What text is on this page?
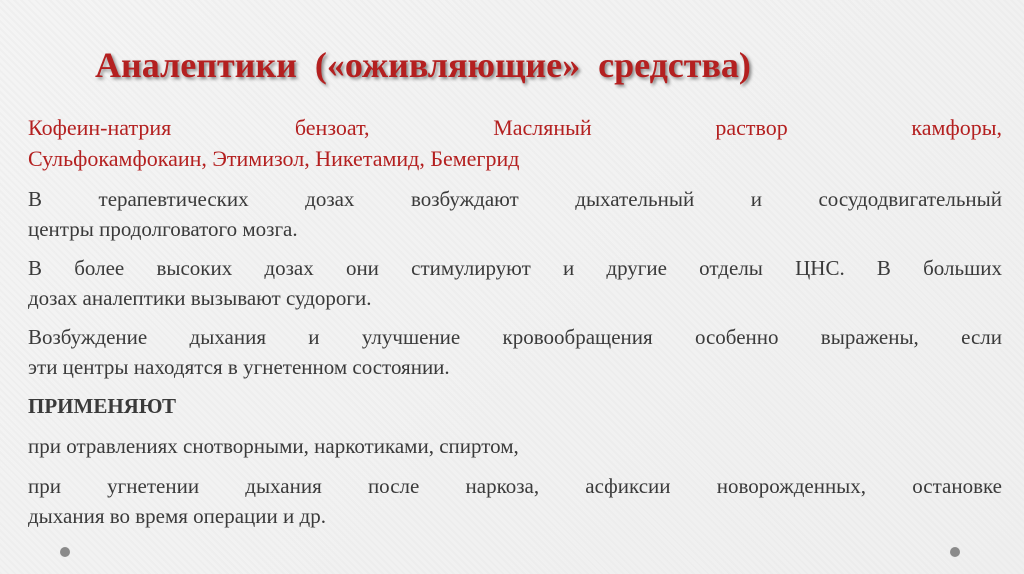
Аналептики  («оживляющие»  средства)
Кофеин-натрия бензоат, Масляный раствор камфоры,
Сульфокамфокаин, Этимизол, Никетамид, Бемегрид
В терапевтических дозах возбуждают дыхательный и сосудодвигательный
центры продолговатого мозга.
В более высоких дозах они стимулируют и другие отделы ЦНС. В больших
дозах аналептики вызывают судороги.
Возбуждение дыхания и улучшение кровообращения особенно выражены, если
эти центры находятся в угнетенном состоянии.
ПРИМЕНЯЮТ
при отравлениях снотворными, наркотиками, спиртом,
при угнетении дыхания после наркоза, асфиксии новорожденных, остановке
дыхания во время операции и др.
